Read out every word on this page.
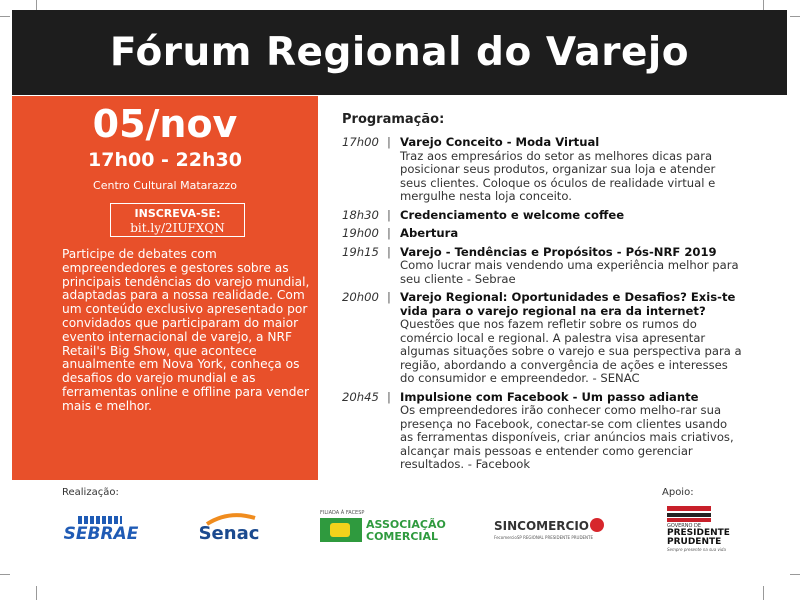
Fórum Regional do Varejo
05/nov
17h00 - 22h30
Centro Cultural Matarazzo
INSCREVA-SE:
bit.ly/2IUFXQN
Participe de debates com empreendedores e gestores sobre as principais tendências do varejo mundial, adaptadas para a nossa realidade. Com um conteúdo exclusivo apresentado por convidados que participaram do maior evento internacional de varejo, a NRF Retail's Big Show, que acontece anualmente em Nova York, conheça os desafios do varejo mundial e as ferramentas online e offline para vender mais e melhor.
Programação:
17h00 | Varejo Conceito - Moda Virtual
Traz aos empresários do setor as melhores dicas para posicionar seus produtos, organizar sua loja e atender seus clientes. Coloque os óculos de realidade virtual e mergulhe nesta loja conceito.
18h30 | Credenciamento e welcome coffee
19h00 | Abertura
19h15 | Varejo - Tendências e Propósitos - Pós-NRF 2019
Como lucrar mais vendendo uma experiência melhor para seu cliente - Sebrae
20h00 | Varejo Regional: Oportunidades e Desafios? Exis-te vida para o varejo regional na era da internet?
Questões que nos fazem refletir sobre os rumos do comércio local e regional. A palestra visa apresentar algumas situações sobre o varejo e sua perspectiva para a região, abordando a convergência de ações e interesses do consumidor e empreendedor. - SENAC
20h45 | Impulsione com Facebook - Um passo adiante
Os empreendedores irão conhecer como melho-rar sua presença no Facebook, conectar-se com clientes usando as ferramentas disponíveis, criar anúncios mais criativos, alcançar mais pessoas e entender como gerenciar resultados. - Facebook
Realização:	Apoio:
SEBRAE	Senac
FILIADA À FACESP
ASSOCIAÇÃO
COMERCIAL
SINCOMERCIO
FecomercioSP REGIONAL PRESIDENTE PRUDENTE
GOVERNO DE
PRESIDENTE
PRUDENTE
Sempre presente na sua vida
